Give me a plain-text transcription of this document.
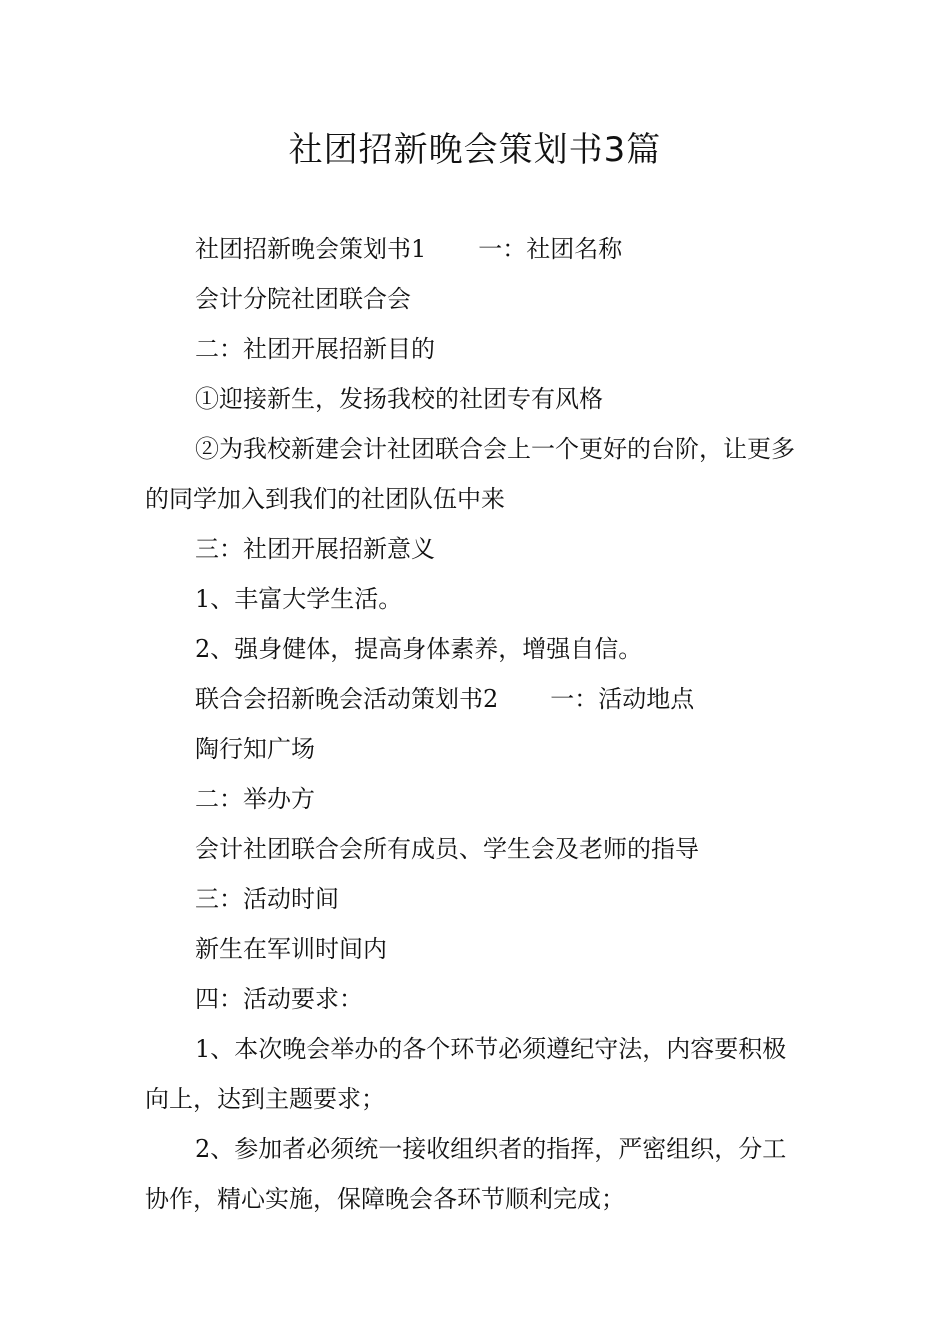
社团招新晚会策划书3篇

社团招新晚会策划书1 一：社团名称

会计分院社团联合会

二：社团开展招新目的

①迎接新生，发扬我校的社团专有风格

②为我校新建会计社团联合会上一个更好的台阶，让更多的同学加入到我们的社团队伍中来

三：社团开展招新意义

1、丰富大学生活。

2、强身健体，提高身体素养，增强自信。

联合会招新晚会活动策划书2 一：活动地点

陶行知广场

二：举办方

会计社团联合会所有成员、学生会及老师的指导

三：活动时间

新生在军训时间内

四：活动要求：

1、本次晚会举办的各个环节必须遵纪守法，内容要积极向上，达到主题要求；

2、参加者必须统一接收组织者的指挥，严密组织，分工协作，精心实施，保障晚会各环节顺利完成；
